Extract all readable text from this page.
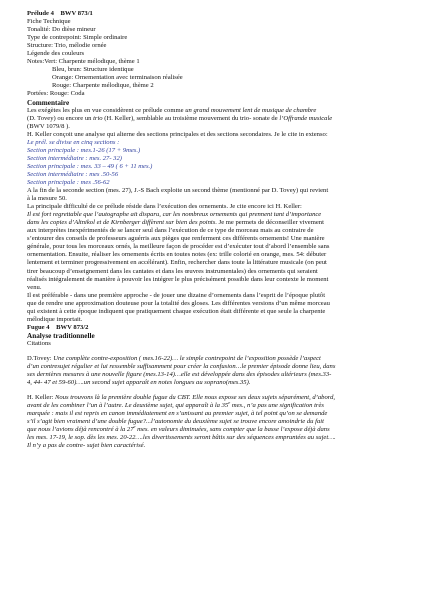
Prélude 4 BWV 873/1
Fiche Technique
Tonalité: Do dièse mineur
Type de contrepoint: Simple ordinaire
Structure: Trio, mélodie ornée
Légende des couleurs
Notes:Vert: Charpente mélodique, thème 1
Bleu, brun: Structure identique
Orange: Ornementation avec terminaison réalisée
Rouge: Charpente mélodique, thème 2
Portées: Rouge: Coda
Commentaire
Les exégètes les plus en vue considèrent ce prélude comme un grand mouvement lent de musique de chambre
(D. Tovey) ou encore un trio (H. Keller), semblable au troisième mouvement du trio- sonate de l’Offrande musicale
(BWV 1079/8 ).
H. Keller conçoit une analyse qui alterne des sections principales et des sections secondaires. Je le cite in extenso:
Le prél. se divise en cinq sections :
Section principale : mes.1-26 (17 + 9mes.)
Section intermédiaire : mes. 27- 32)
Section principale : mes. 33 – 49 ( 6 + 11 mes.)
Section intermédiaire : mes .50-56
Section principale : mes .56-62
A la fin de la seconde section (mes. 27), J.-S Bach exploite un second thème (mentionné par D. Tovey) qui revient
à la mesure 50.
La principale difficulté de ce prélude réside dans l’exécution des ornements. Je cite encore ici H. Keller:
Il est fort regrettable que l’autographe ait disparu, car les nombreux ornements qui prennent tant d’importance
dans les copies d’Altnikol et de Kirnberger diffèrent sur bien des points. Je me permets de déconseiller vivement
aux interprètes inexpérimentés de se lancer seul dans l’exécution de ce type de morceau mais au contraire de
s’entourer des conseils de professeurs aguérris aux pièges que renferment ces différents ornements! Une manière
générale, pour tous les morceaux ornés, la meilleure façon de procéder est d’exécuter tout d’abord l’ensemble sans
ornementation. Ensuite, réaliser les ornements écrits en toutes notes (ex: trille colorié en orange, mes. 54: débuter
lentement et terminer progressivement en accélérant). Enfin, rechercher dans toute la littérature musicale (on peut
tirer beaucoup d’enseignement dans les cantates et dans les œuvres instrumentales) des ornements qui seraient
réalisés intégralement de manière à pouvoir les intégrer le plus précisément possible dans leur contexte le moment
venu.
Il est préférable - dans une première approche - de jouer une dizaine d’ornements dans l’esprit de l’époque plutôt
que de rendre une approximation douteuse pour la totalité des gloses. Les différentes versions d’un même morceau
qui existent à cette époque indiquent que pratiquement chaque exécution était différente et que seule la charpente
mélodique importait.
Fugue 4 BWV 873/2
Analyse traditionnelle
Citations
D.Tovey: Une complète contre-exposition ( mes.16-22)… le simple contrepoint de l’exposition possède l’aspect
d’un contresujet régulier et lui ressemble suffisamment pour créer la confusion…le premier épisode donne lieu, dans
ses dernières mesures à une nouvelle figure (mes.13-14)…elle est développée dans des épisodes ultérieurs (mes.33-
4, 44- 47 et 59-60)….un second sujet apparaît en notes longues au soprano(mes.35).
H. Keller: Nous trouvons là la première double fugue du CBT. Elle nous expose ses deux sujets séparément, d’abord,
avant de les combiner l’un à l’autre. Le deuxième sujet, qui apparaît à la 35e mes., n’a pas une signification très
marquée : mais il est repris en canon immédiatement en s’unissant au premier sujet, à tel point qu’on se demande
s’il s’agit bien vraiment d’une double fugue?...l’autonomie du deuxième sujet se trouve encore amoindrie du fait
que nous l’avions déjà rencontré à la 27e mes. en valeurs diminuées, sans compter que la basse l’expose déjà dans
les mes. 17-19, le sop. dès les mes. 20-22….les divertissements seront bâtis sur des séquences empruntées au sujet….
Il n’y a pas de contre- sujet bien caractérisé.
